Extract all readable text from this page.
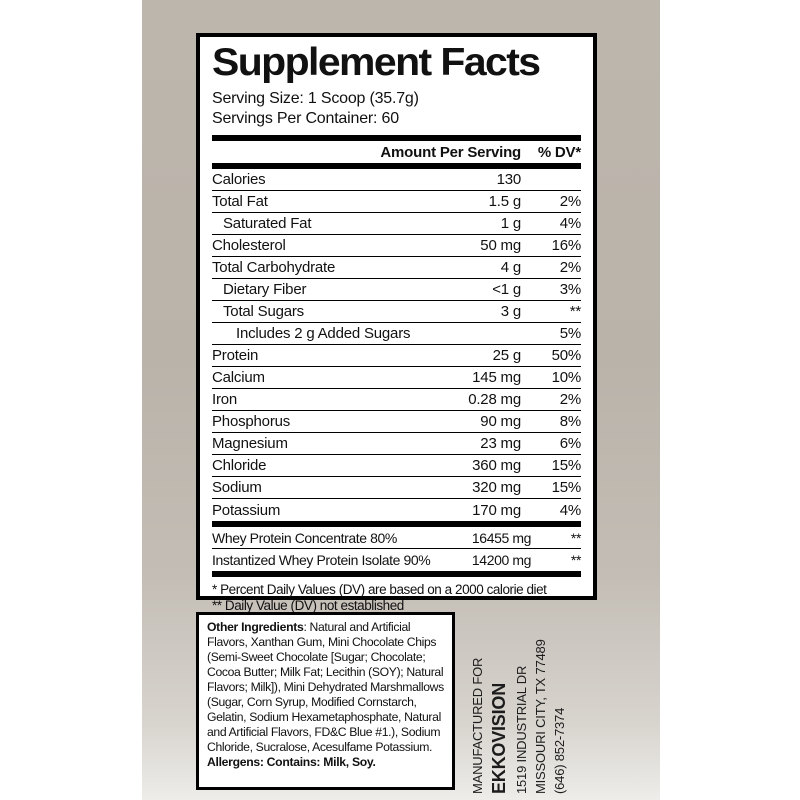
Supplement Facts
Serving Size: 1 Scoop (35.7g)
Servings Per Container: 60
Amount Per Serving	% DV*
Calories	130
Total Fat	1.5 g	2%
Saturated Fat	1 g	4%
Cholesterol	50 mg	16%
Total Carbohydrate	4 g	2%
Dietary Fiber	<1 g	3%
Total Sugars	3 g	**
Includes 2 g Added Sugars	5%
Protein	25 g	50%
Calcium	145 mg	10%
Iron	0.28 mg	2%
Phosphorus	90 mg	8%
Magnesium	23 mg	6%
Chloride	360 mg	15%
Sodium	320 mg	15%
Potassium	170 mg	4%
Whey Protein Concentrate 80%	16455 mg	**
Instantized Whey Protein Isolate 90%	14200 mg	**
* Percent Daily Values (DV) are based on a 2000 calorie diet
** Daily Value (DV) not established
Other Ingredients: Natural and Artificial Flavors, Xanthan Gum, Mini Chocolate Chips (Semi-Sweet Chocolate [Sugar; Chocolate; Cocoa Butter; Milk Fat; Lecithin (SOY); Natural Flavors; Milk]), Mini Dehydrated Marshmallows (Sugar, Corn Syrup, Modified Cornstarch, Gelatin, Sodium Hexametaphosphate, Natural and Artificial Flavors, FD&C Blue #1.), Sodium Chloride, Sucralose, Acesulfame Potassium.
Allergens: Contains: Milk, Soy.	MANUFACTURED FOR EKKOVISION 1519 INDUSTRIAL DR MISSOURI CITY, TX 77489 (646) 852-7374
